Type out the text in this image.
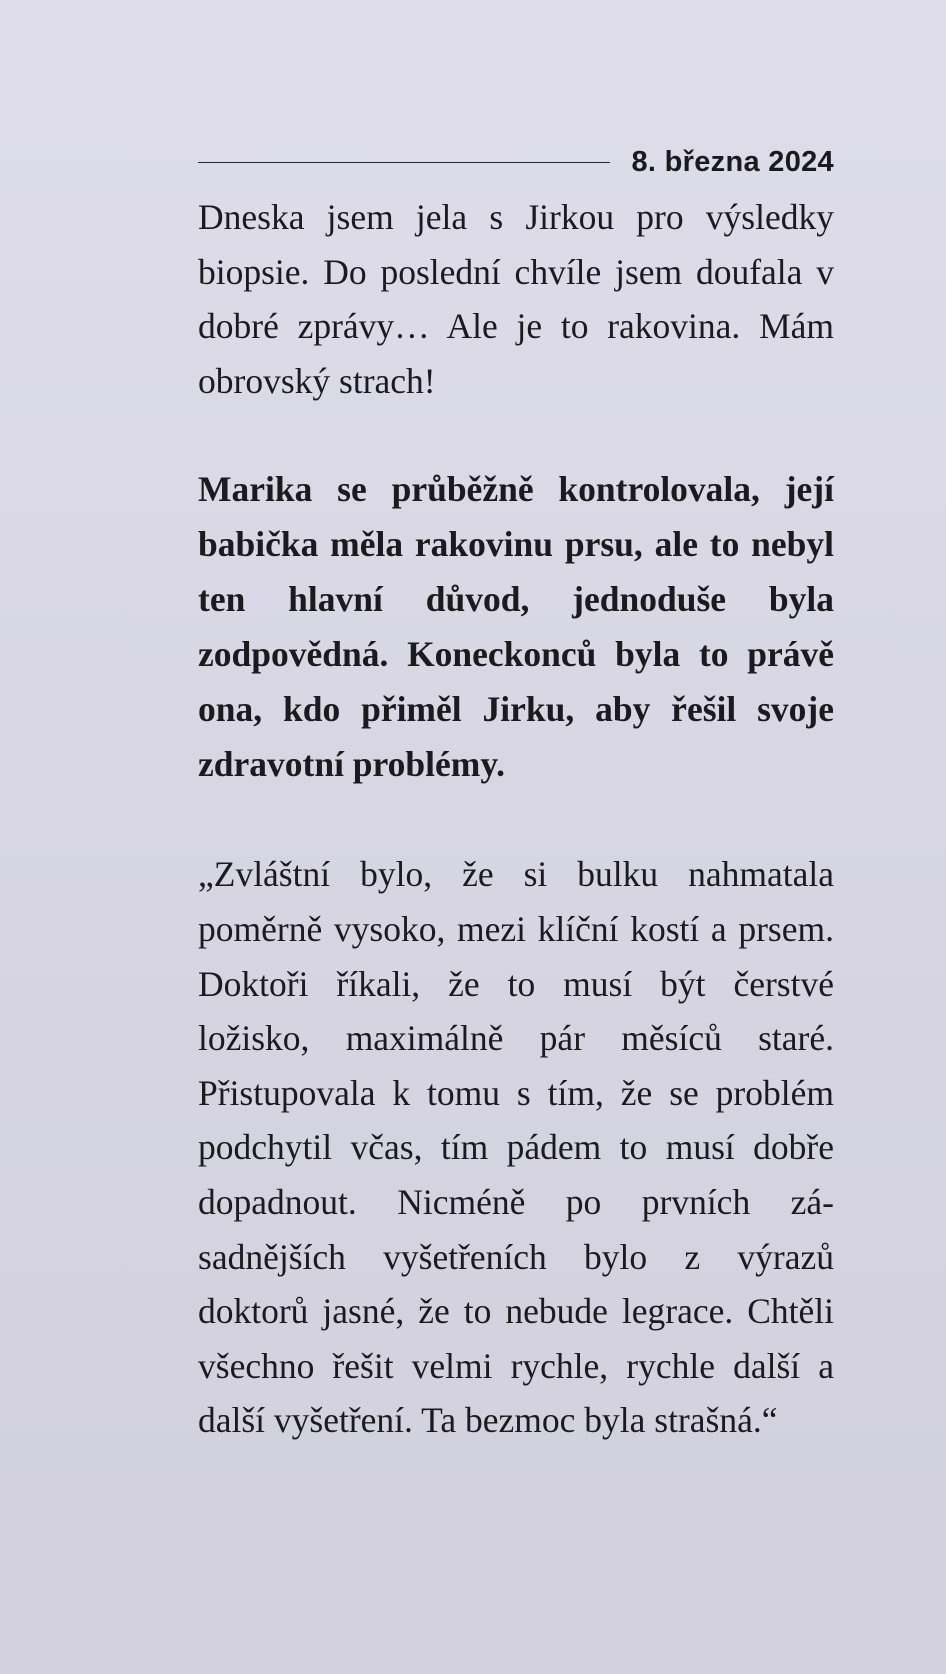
8. března 2024

Dneska jsem jela s Jirkou pro výsledky biopsie. Do poslední chvíle jsem doufala v dobré zprávy… Ale je to rakovina. Mám obrovský strach!

Marika se průběžně kontrolovala, její babička měla rakovinu prsu, ale to nebyl ten hlavní důvod, jednoduše byla zodpovědná. Koneckonců byla to právě ona, kdo přiměl Jirku, aby řešil svoje zdravotní problémy.

„Zvláštní bylo, že si bulku nahmatala poměrně vysoko, mezi klíční kostí a prsem. Doktoři říkali, že to musí být čerstvé ložisko, maximálně pár měsíců staré. Přistupovala k tomu s tím, že se problém podchytil včas, tím pádem to musí dobře dopadnout. Nicméně po prvních zásadnějších vyšetřeních bylo z výrazů doktorů jasné, že to nebude legrace. Chtěli všechno řešit velmi rychle, rychle další a další vyšetření. Ta bezmoc byla strašná.“
